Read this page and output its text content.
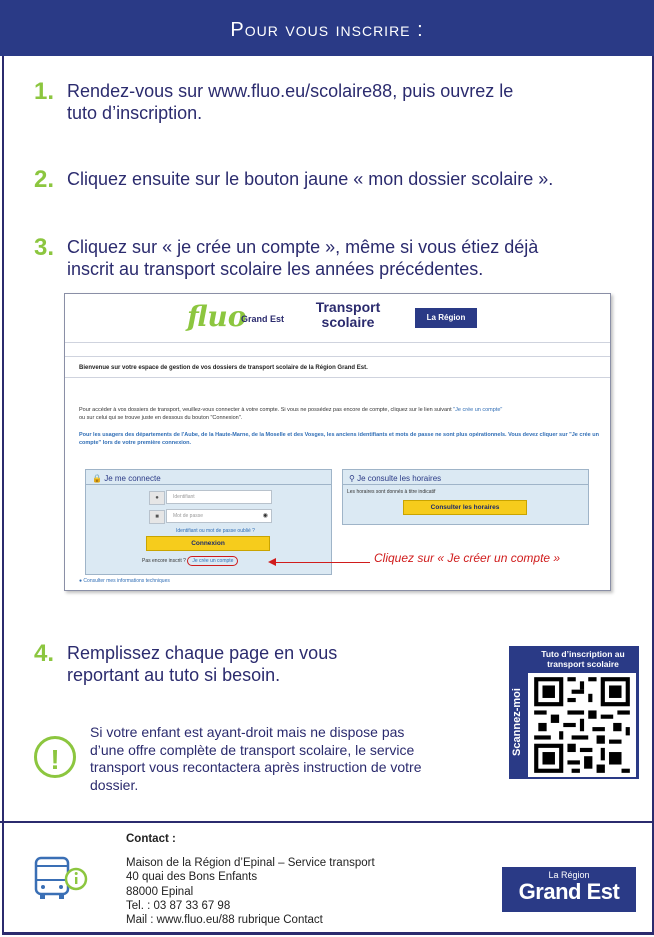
Pour vous inscrire :
1. Rendez-vous sur www.fluo.eu/scolaire88, puis ouvrez le
tuto d’inscription.
2. Cliquez ensuite sur le bouton jaune « mon dossier scolaire ».
3. Cliquez sur « je crée un compte », même si vous étiez déjà
inscrit au transport scolaire les années précédentes.
fluo
Grand Est
Transport
scolaire	La Région Grand Est
Bienvenue sur votre espace de gestion de vos dossiers de transport scolaire de la Région Grand Est.
Pour accéder à vos dossiers de transport, veuillez-vous connecter à votre compte. Si vous ne possédez pas encore de compte, cliquez sur le lien suivant "Je crée un compte"
ou sur celui qui se trouve juste en dessous du bouton "Connexion".
Pour les usagers des départements de l'Aube, de la Haute-Marne, de la Moselle et des Vosges, les anciens identifiants et mots de passe ne sont plus opérationnels. Vous devez cliquer sur "Je crée un compte" lors de votre première connexion.
🔒 Je me connecte
●	Identifiant
■	Mot de passe	◉
Identifiant ou mot de passe oublié ?
Connexion
Pas encore inscrit ? Je crée un compte
⚲ Je consulte les horaires
Les horaires sont donnés à titre indicatif
Consulter les horaires
● Consulter mes informations techniques
Cliquez sur « Je créer un compte »
4. Remplissez chaque page en vous
reportant au tuto si besoin.
Tuto d’inscription au transport scolaire
Scannez-moi
!
Si votre enfant est ayant-droit mais ne dispose pas d’une offre complète de transport scolaire, le service transport vous recontactera après instruction de votre dossier.
Contact :
Maison de la Région d’Epinal – Service transport
40 quai des Bons Enfants
88000 Epinal
Tel. : 03 87 33 67 98
Mail : www.fluo.eu/88 rubrique Contact
La Région
Grand Est
